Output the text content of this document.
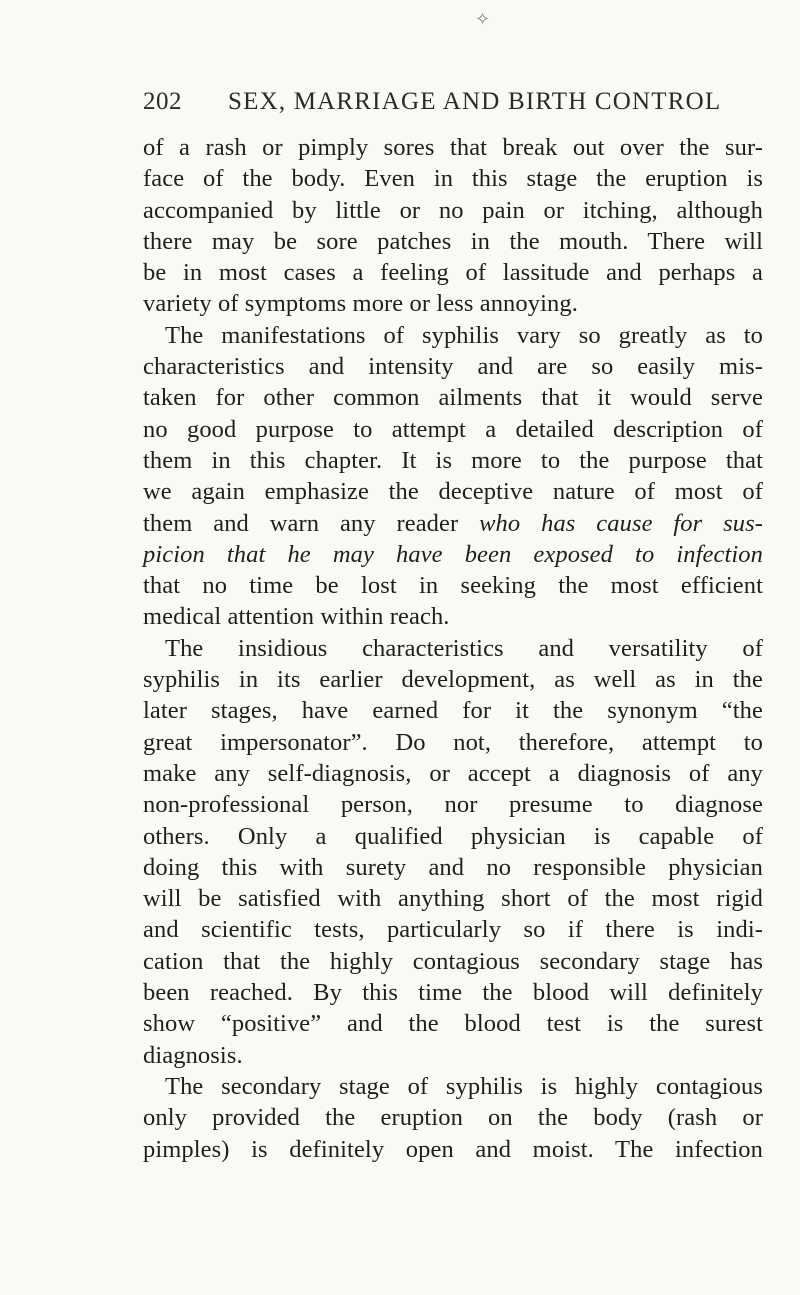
✧
202 SEX, MARRIAGE AND BIRTH CONTROL
of a rash or pimply sores that break out over the sur-
face of the body. Even in this stage the eruption is
accompanied by little or no pain or itching, although
there may be sore patches in the mouth. There will
be in most cases a feeling of lassitude and perhaps a
variety of symptoms more or less annoying.
The manifestations of syphilis vary so greatly as to
characteristics and intensity and are so easily mis-
taken for other common ailments that it would serve
no good purpose to attempt a detailed description of
them in this chapter. It is more to the purpose that
we again emphasize the deceptive nature of most of
them and warn any reader who has cause for sus-
picion that he may have been exposed to infection
that no time be lost in seeking the most efficient
medical attention within reach.
The insidious characteristics and versatility of
syphilis in its earlier development, as well as in the
later stages, have earned for it the synonym “the
great impersonator”. Do not, therefore, attempt to
make any self-diagnosis, or accept a diagnosis of any
non-professional person, nor presume to diagnose
others. Only a qualified physician is capable of
doing this with surety and no responsible physician
will be satisfied with anything short of the most rigid
and scientific tests, particularly so if there is indi-
cation that the highly contagious secondary stage has
been reached. By this time the blood will definitely
show “positive” and the blood test is the surest
diagnosis.
The secondary stage of syphilis is highly contagious
only provided the eruption on the body (rash or
pimples) is definitely open and moist. The infection
